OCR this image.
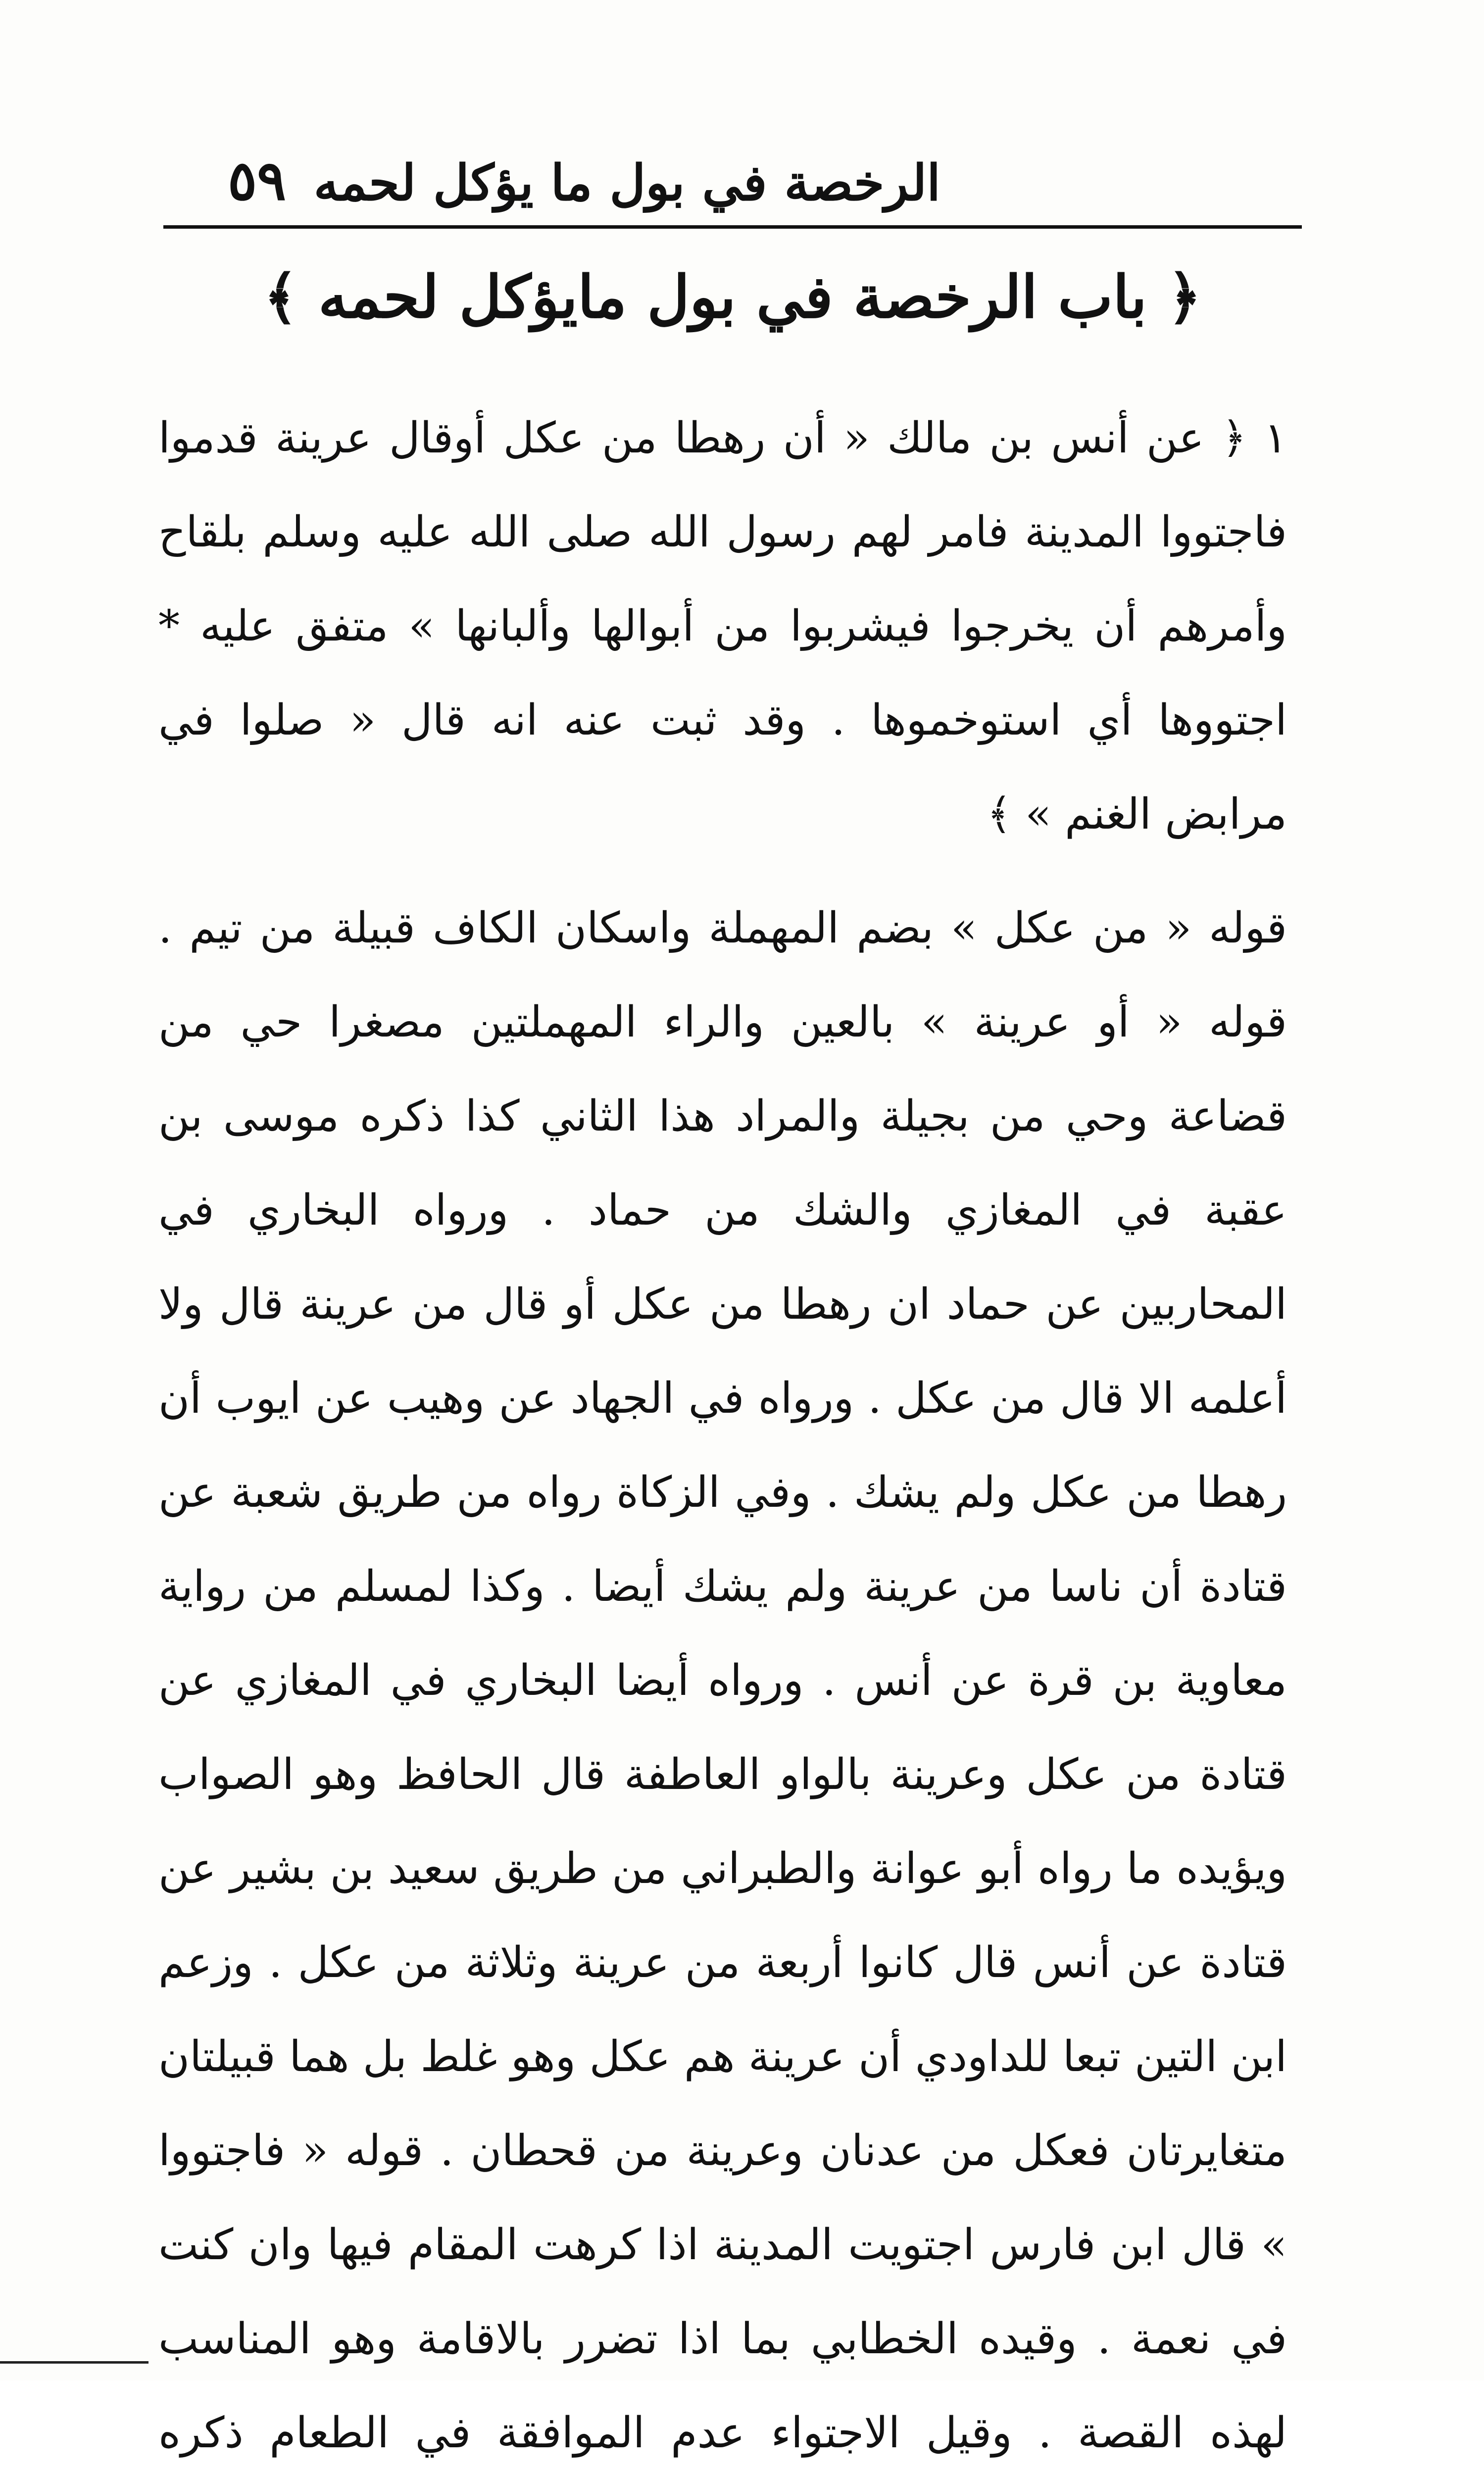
الرخصة في بول ما يؤكل لحمه
٥٩
﴿ باب الرخصة في بول مايؤكل لحمه ﴾

١ ﴿ عن أنس بن مالك « أن رهطا من عكل أوقال عرينة قدموا فاجتووا المدينة فامر لهم رسول الله صلى الله عليه وسلم بلقاح وأمرهم أن يخرجوا فيشربوا من أبوالها وألبانها » متفق عليه * اجتووها أي استوخموها . وقد ثبت عنه انه قال « صلوا في مرابض الغنم » ﴾

قوله « من عكل » بضم المهملة واسكان الكاف قبيلة من تيم . قوله « أو عرينة » بالعين والراء المهملتين مصغرا حي من قضاعة وحي من بجيلة والمراد هذا الثاني كذا ذكره موسى بن عقبة في المغازي والشك من حماد . ورواه البخاري في المحاربين عن حماد ان رهطا من عكل أو قال من عرينة قال ولا أعلمه الا قال من عكل . ورواه في الجهاد عن وهيب عن ايوب أن رهطا من عكل ولم يشك . وفي الزكاة رواه من طريق شعبة عن قتادة أن ناسا من عرينة ولم يشك أيضا . وكذا لمسلم من رواية معاوية بن قرة عن أنس . ورواه أيضا البخاري في المغازي عن قتادة من عكل وعرينة بالواو العاطفة قال الحافظ وهو الصواب ويؤيده ما رواه أبو عوانة والطبراني من طريق سعيد بن بشير عن قتادة عن أنس قال كانوا أربعة من عرينة وثلاثة من عكل . وزعم ابن التين تبعا للداودي أن عرينة هم عكل وهو غلط بل هما قبيلتان متغايرتان فعكل من عدنان وعرينة من قحطان . قوله « فاجتووا » قال ابن فارس اجتويت المدينة اذا كرهت المقام فيها وان كنت في نعمة . وقيده الخطابي بما اذا تضرر بالاقامة وهو المناسب لهذه القصة . وقيل الاجتواء عدم الموافقة في الطعام ذكره
